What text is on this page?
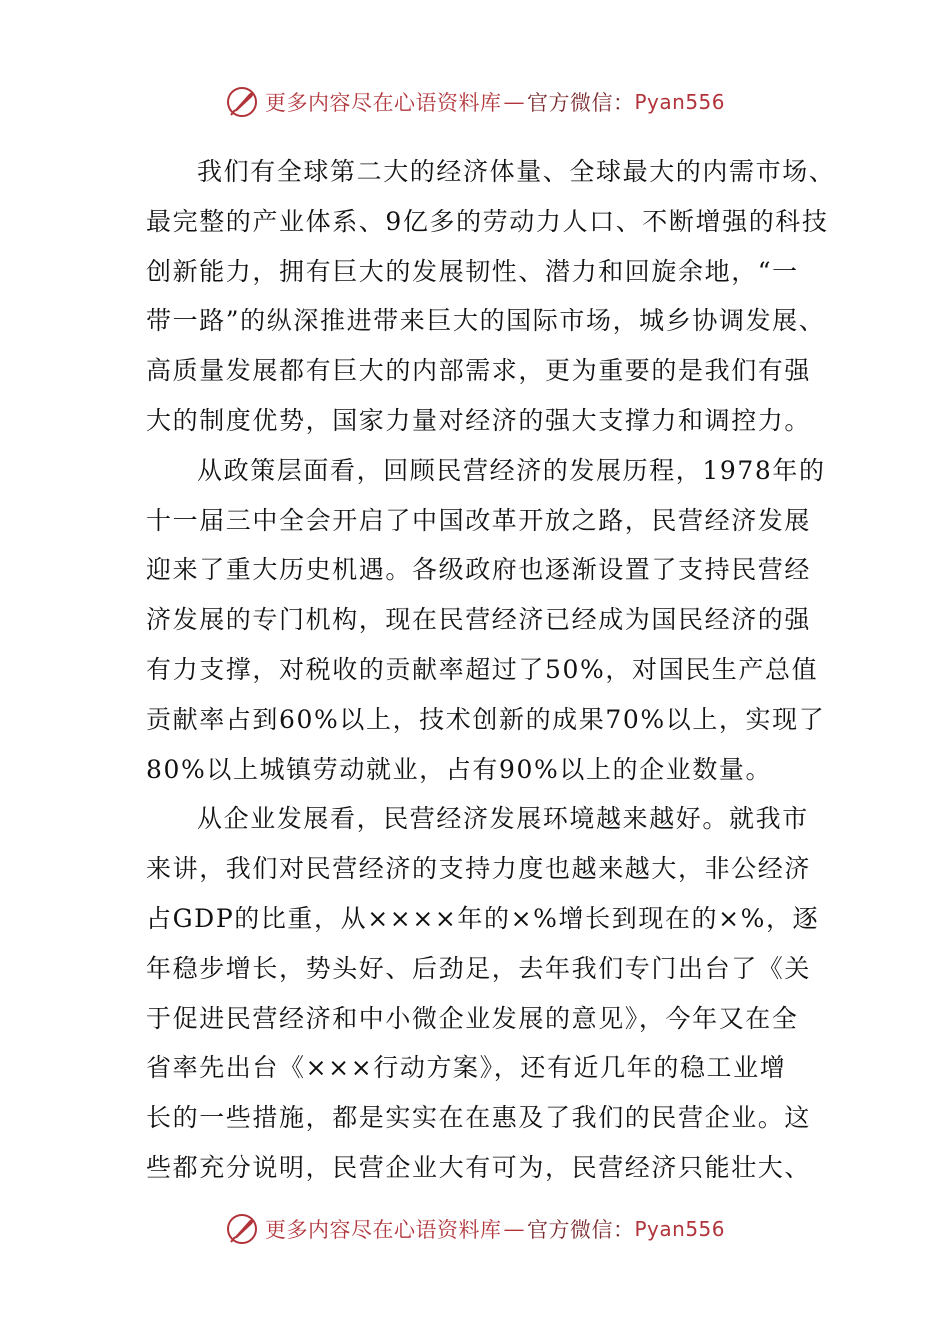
更多内容尽在心语资料库 — 官方微信： Pyan556
我们有全球第二大的经济体量、全球最大的内需市场、
最完整的产业体系、9亿多的劳动力人口、不断增强的科技
创新能力，拥有巨大的发展韧性、潜力和回旋余地，“一
带一路”的纵深推进带来巨大的国际市场，城乡协调发展、
高质量发展都有巨大的内部需求，更为重要的是我们有强
大的制度优势，国家力量对经济的强大支撑力和调控力。
从政策层面看，回顾民营经济的发展历程，1978年的
十一届三中全会开启了中国改革开放之路，民营经济发展
迎来了重大历史机遇。各级政府也逐渐设置了支持民营经
济发展的专门机构，现在民营经济已经成为国民经济的强
有力支撑，对税收的贡献率超过了50%，对国民生产总值
贡献率占到60%以上，技术创新的成果70%以上，实现了
80%以上城镇劳动就业，占有90%以上的企业数量。
从企业发展看，民营经济发展环境越来越好。就我市
来讲，我们对民营经济的支持力度也越来越大，非公经济
占GDP的比重，从××××年的×%增长到现在的×%，逐
年稳步增长，势头好、后劲足，去年我们专门出台了《关
于促进民营经济和中小微企业发展的意见》，今年又在全
省率先出台《×××行动方案》，还有近几年的稳工业增
长的一些措施，都是实实在在惠及了我们的民营企业。这
些都充分说明，民营企业大有可为，民营经济只能壮大、
更多内容尽在心语资料库 — 官方微信： Pyan556
